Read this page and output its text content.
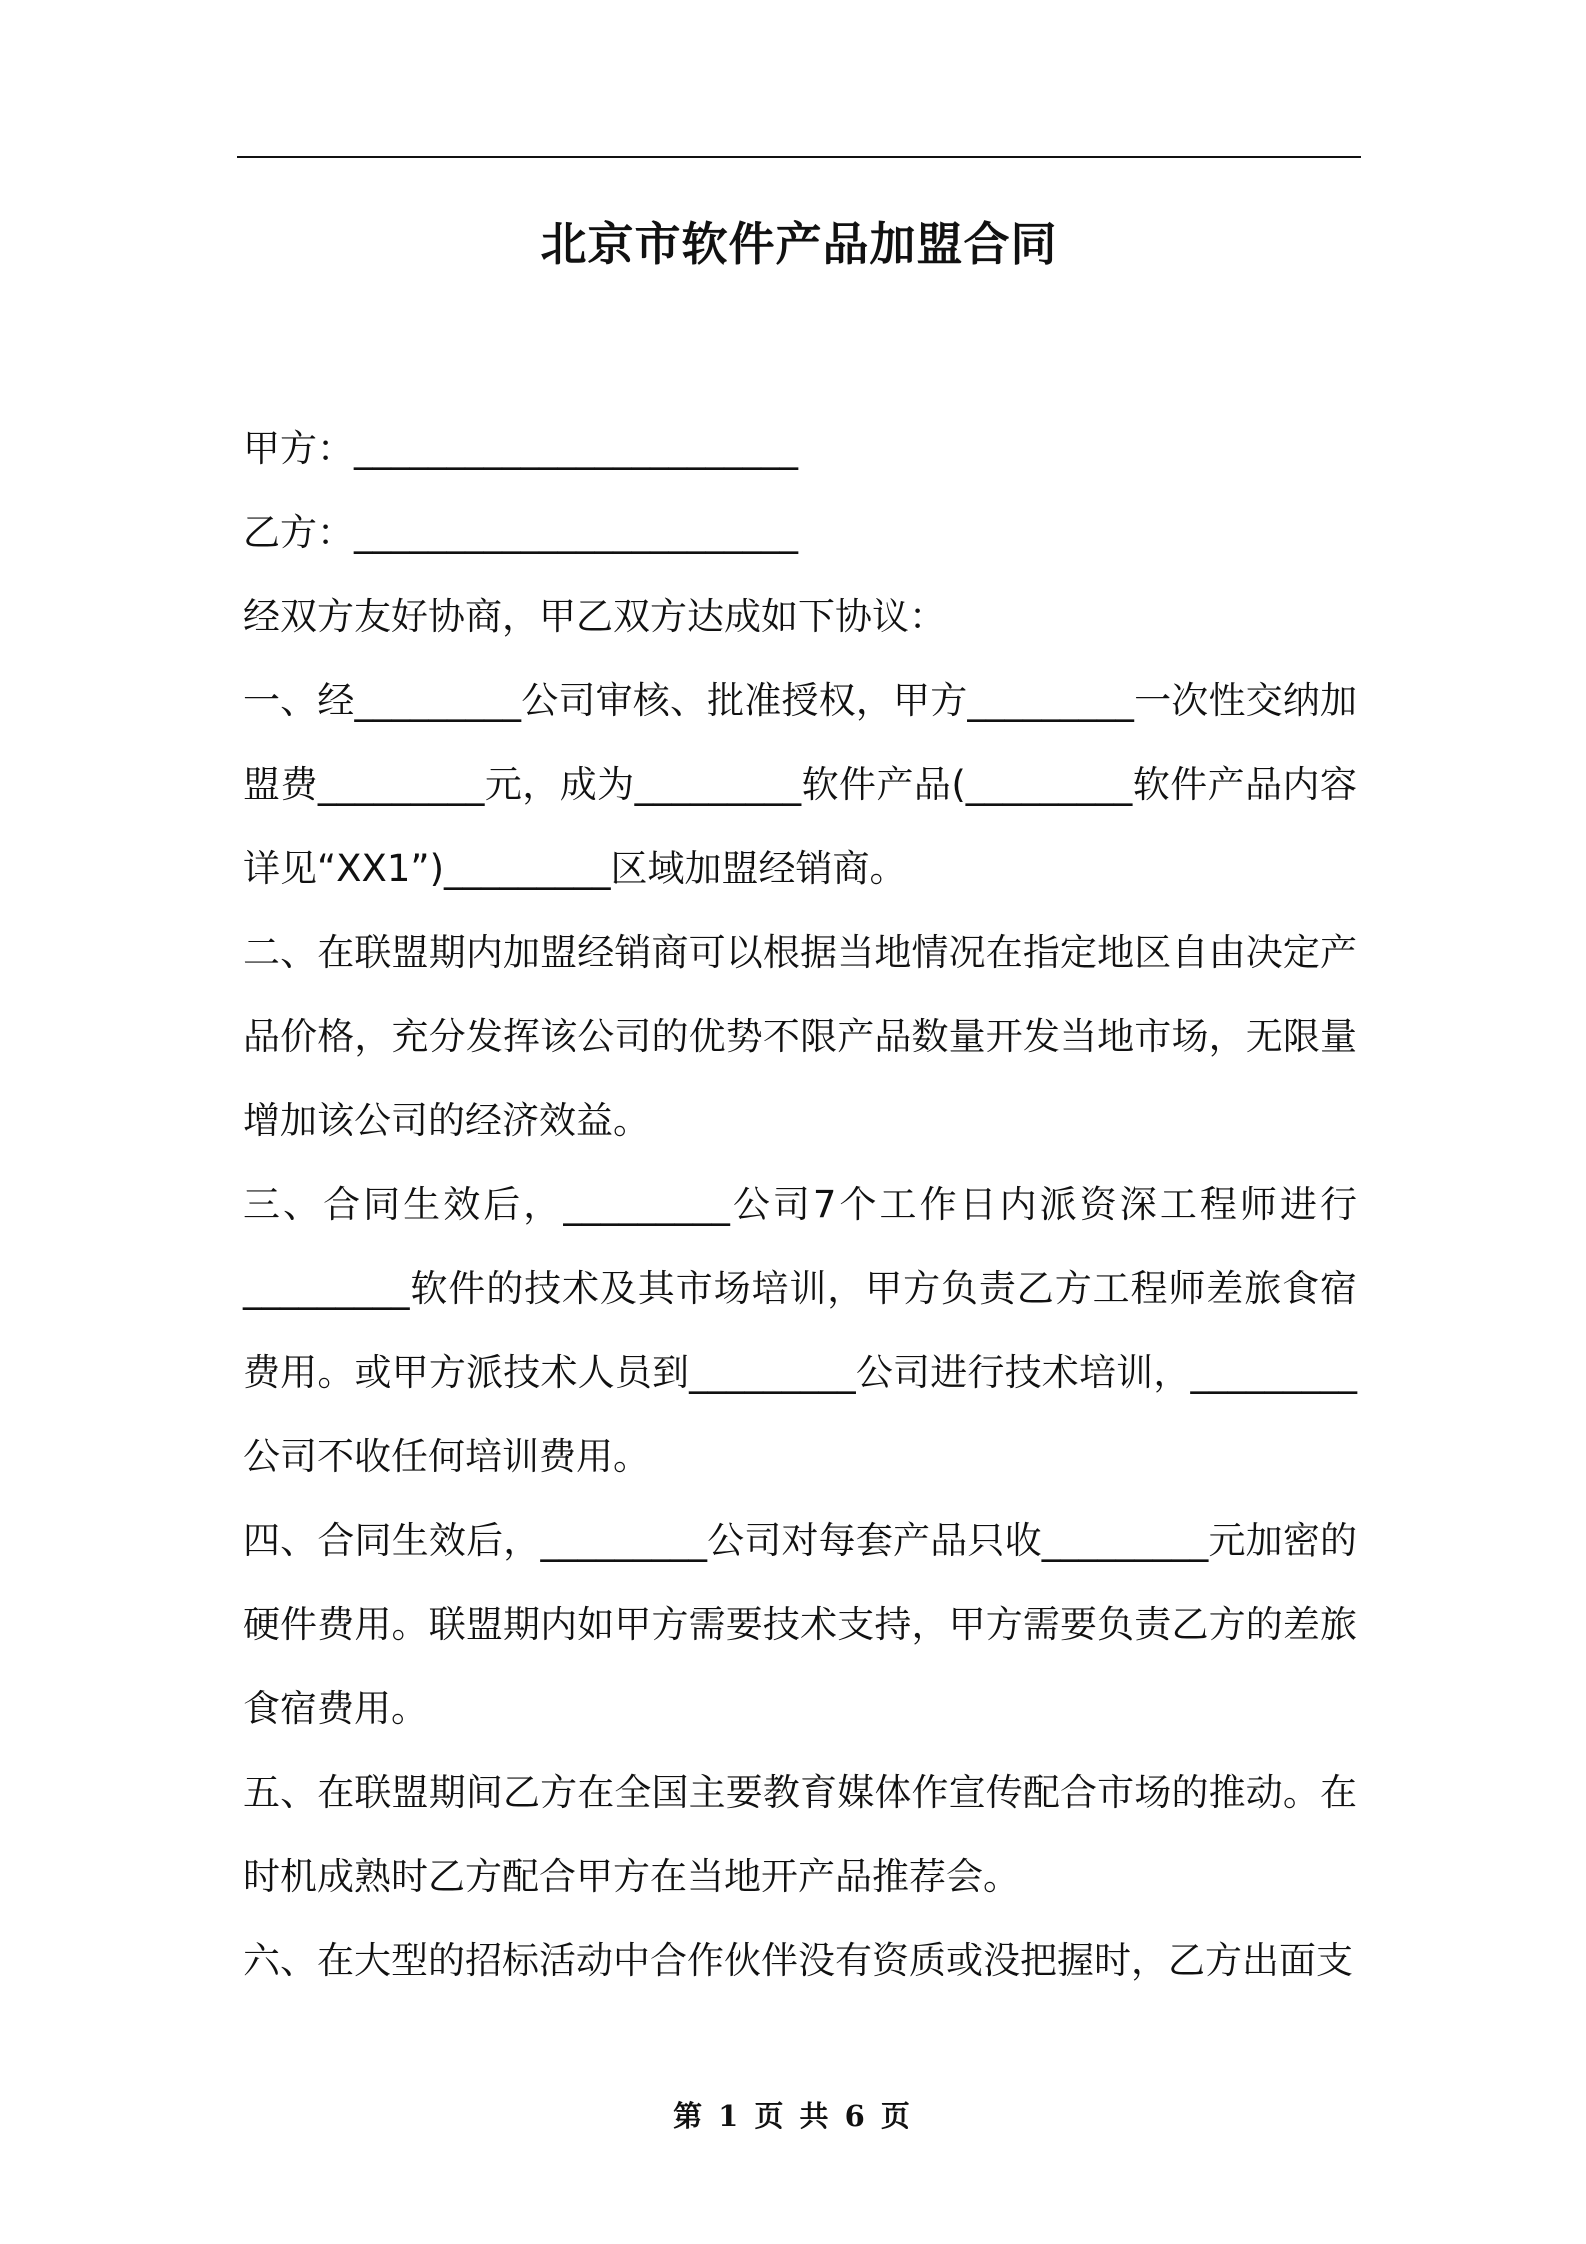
北京市软件产品加盟合同

甲方：________________________

乙方：________________________

经双方友好协商，甲乙双方达成如下协议：

一、经_________公司审核、批准授权，甲方_________一次性交纳加盟费_________元，成为_________软件产品(_________软件产品内容详见“XX1”)_________区域加盟经销商。

二、在联盟期内加盟经销商可以根据当地情况在指定地区自由决定产品价格，充分发挥该公司的优势不限产品数量开发当地市场，无限量增加该公司的经济效益。

三、合同生效后，_________公司7个工作日内派资深工程师进行_________软件的技术及其市场培训，甲方负责乙方工程师差旅食宿费用。或甲方派技术人员到_________公司进行技术培训，_________公司不收任何培训费用。

四、合同生效后，_________公司对每套产品只收_________元加密的硬件费用。联盟期内如甲方需要技术支持，甲方需要负责乙方的差旅食宿费用。

五、在联盟期间乙方在全国主要教育媒体作宣传配合市场的推动。在时机成熟时乙方配合甲方在当地开产品推荐会。

六、在大型的招标活动中合作伙伴没有资质或没把握时，乙方出面支

第 1 页 共 6 页
